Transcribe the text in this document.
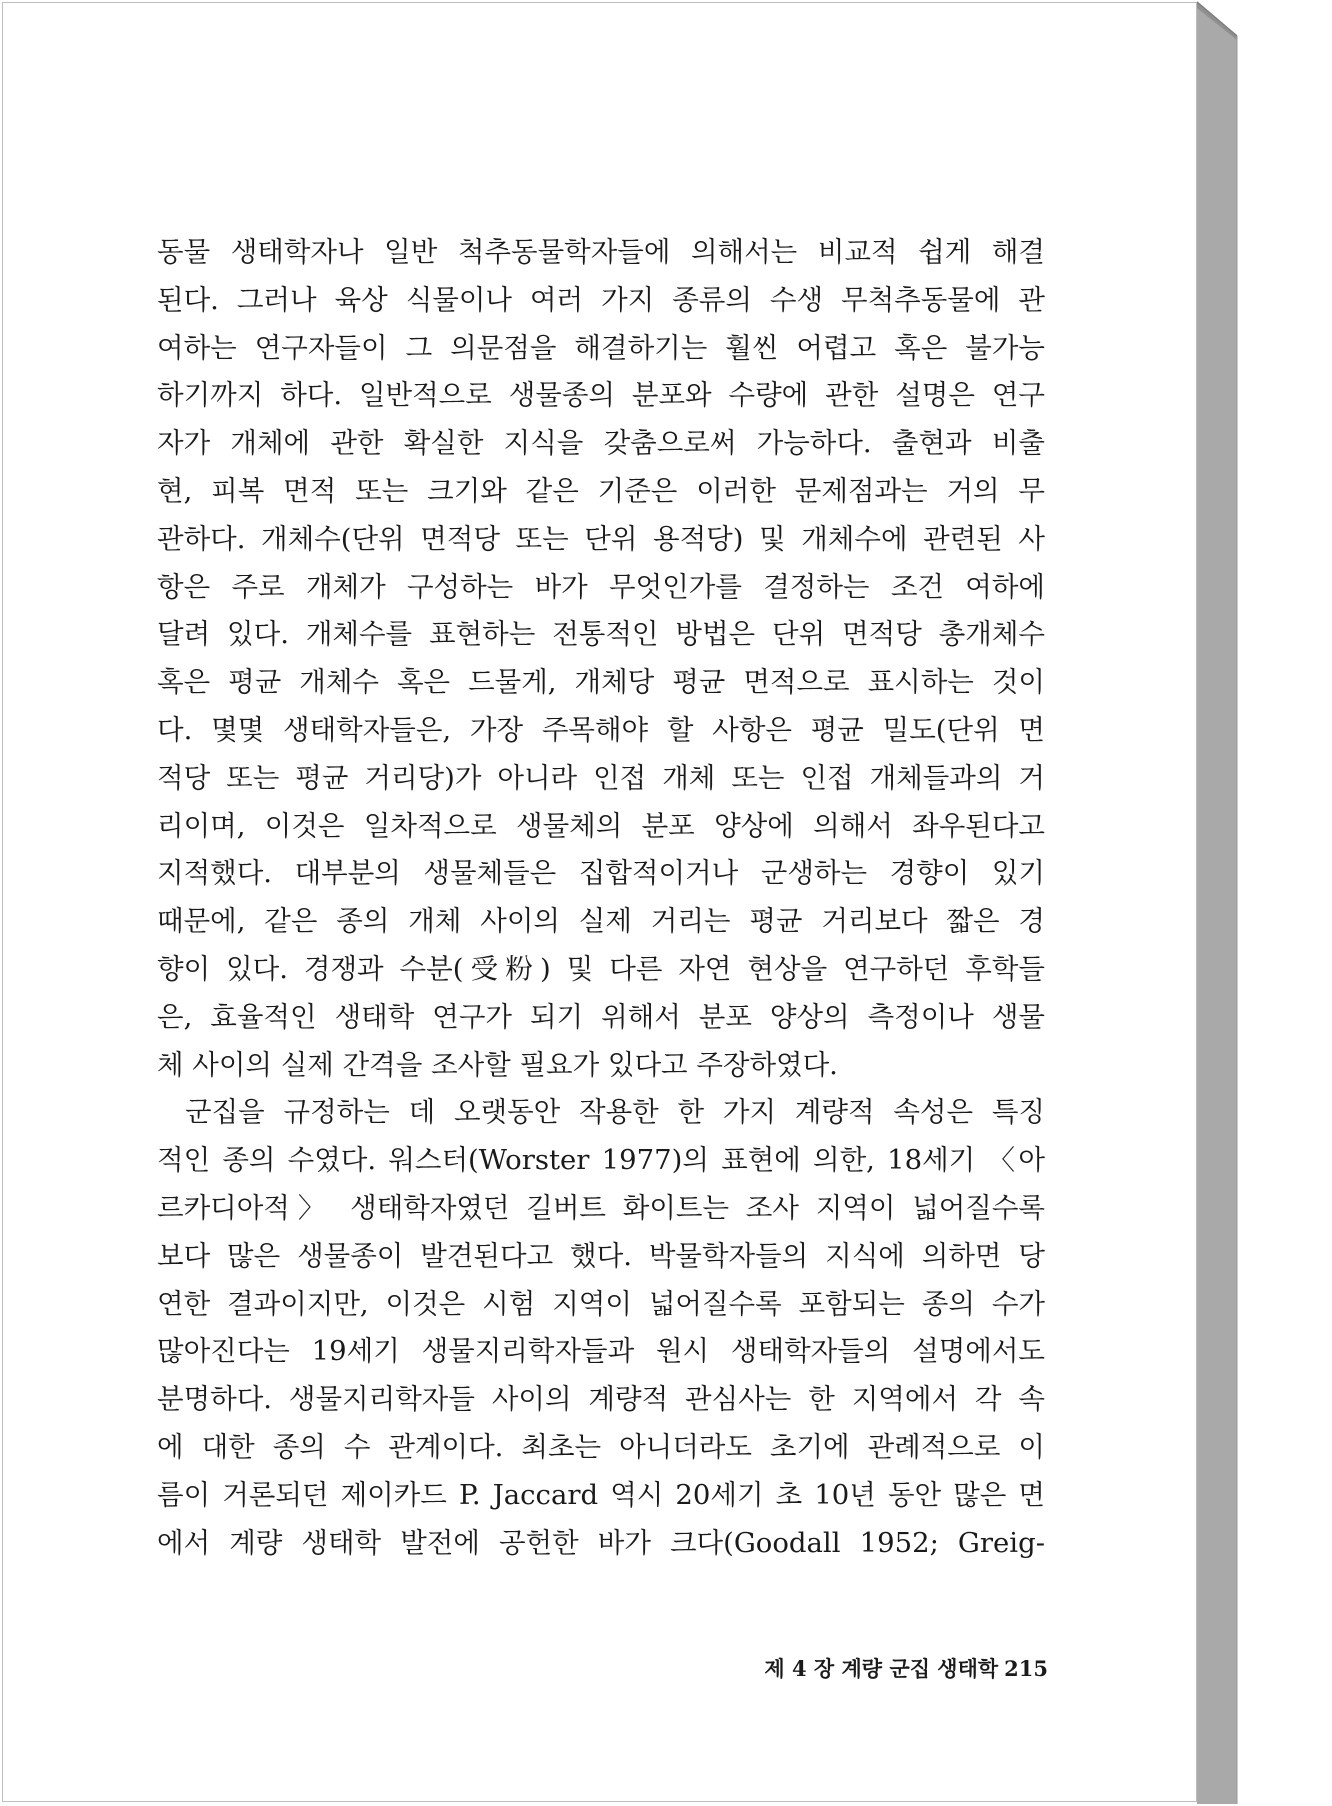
동물 생태학자나 일반 척추동물학자들에 의해서는 비교적 쉽게 해결
된다. 그러나 육상 식물이나 여러 가지 종류의 수생 무척추동물에 관
여하는 연구자들이 그 의문점을 해결하기는 훨씬 어렵고 혹은 불가능
하기까지 하다. 일반적으로 생물종의 분포와 수량에 관한 설명은 연구
자가 개체에 관한 확실한 지식을 갖춤으로써 가능하다. 출현과 비출
현, 피복 면적 또는 크기와 같은 기준은 이러한 문제점과는 거의 무
관하다. 개체수(단위 면적당 또는 단위 용적당) 및 개체수에 관련된 사
항은 주로 개체가 구성하는 바가 무엇인가를 결정하는 조건 여하에
달려 있다. 개체수를 표현하는 전통적인 방법은 단위 면적당 총개체수
혹은 평균 개체수 혹은 드물게, 개체당 평균 면적으로 표시하는 것이
다. 몇몇 생태학자들은, 가장 주목해야 할 사항은 평균 밀도(단위 면
적당 또는 평균 거리당)가 아니라 인접 개체 또는 인접 개체들과의 거
리이며, 이것은 일차적으로 생물체의 분포 양상에 의해서 좌우된다고
지적했다. 대부분의 생물체들은 집합적이거나 군생하는 경향이 있기
때문에, 같은 종의 개체 사이의 실제 거리는 평균 거리보다 짧은 경
향이 있다. 경쟁과 수분(受粉) 및 다른 자연 현상을 연구하던 후학들
은, 효율적인 생태학 연구가 되기 위해서 분포 양상의 측정이나 생물
체 사이의 실제 간격을 조사할 필요가 있다고 주장하였다.
군집을 규정하는 데 오랫동안 작용한 한 가지 계량적 속성은 특징
적인 종의 수였다. 워스터(Worster 1977)의 표현에 의한, 18세기 〈아
르카디아적〉 생태학자였던 길버트 화이트는 조사 지역이 넓어질수록
보다 많은 생물종이 발견된다고 했다. 박물학자들의 지식에 의하면 당
연한 결과이지만, 이것은 시험 지역이 넓어질수록 포함되는 종의 수가
많아진다는 19세기 생물지리학자들과 원시 생태학자들의 설명에서도
분명하다. 생물지리학자들 사이의 계량적 관심사는 한 지역에서 각 속
에 대한 종의 수 관계이다. 최초는 아니더라도 초기에 관례적으로 이
름이 거론되던 제이카드 P. Jaccard 역시 20세기 초 10년 동안 많은 면
에서 계량 생태학 발전에 공헌한 바가 크다(Goodall 1952; Greig-
제 4 장 계량 군집 생태학 215
